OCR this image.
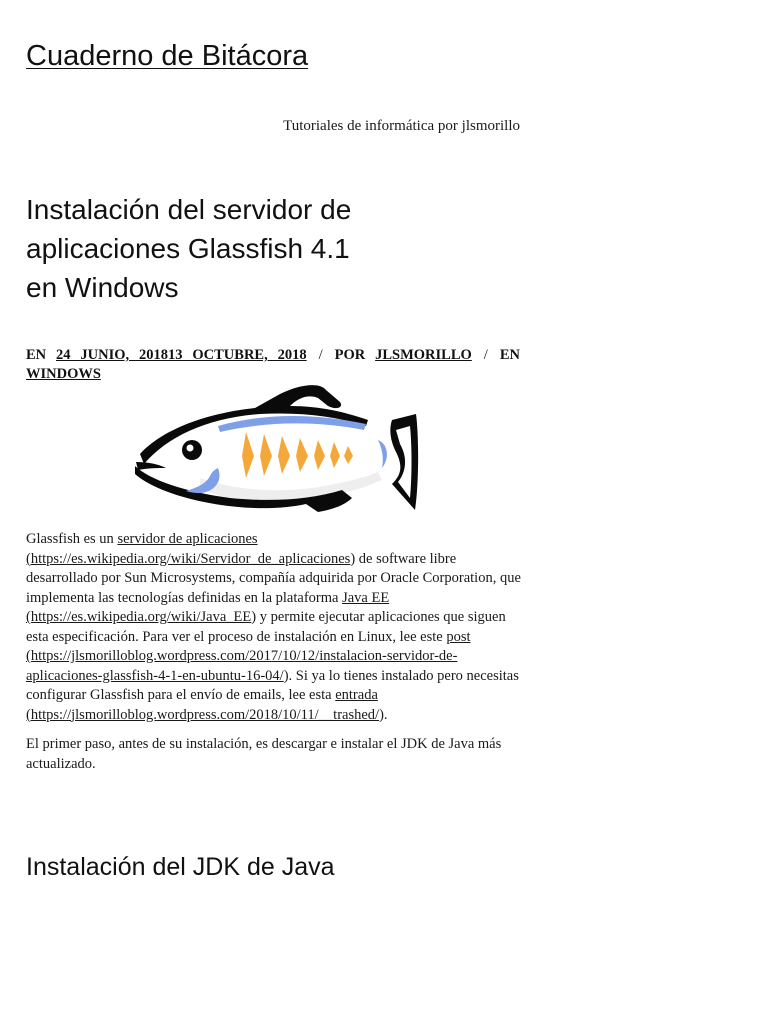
Cuaderno de Bitácora

Tutoriales de informática por jlsmorillo

Instalación del servidor de
aplicaciones Glassfish 4.1
en Windows
EN 24 JUNIO, 201813 OCTUBRE, 2018 / POR JLSMORILLO / EN WINDOWS

Glassfish es un servidor de aplicaciones
(https://es.wikipedia.org/wiki/Servidor_de_aplicaciones) de software libre desarrollado por Sun Microsystems, compañía adquirida por Oracle Corporation, que implementa las tecnologías definidas en la plataforma Java EE (https://es.wikipedia.org/wiki/Java_EE) y permite ejecutar aplicaciones que siguen esta especificación. Para ver el proceso de instalación en Linux, lee este post
(https://jlsmorilloblog.wordpress.com/2017/10/12/instalacion-servidor-de-aplicaciones-glassfish-4-1-en-ubuntu-16-04/). Si ya lo tienes instalado pero necesitas configurar Glassfish para el envío de emails, lee esta entrada
(https://jlsmorilloblog.wordpress.com/2018/10/11/__trashed/).

El primer paso, antes de su instalación, es descargar e instalar el JDK de Java más actualizado.

Instalación del JDK de Java
